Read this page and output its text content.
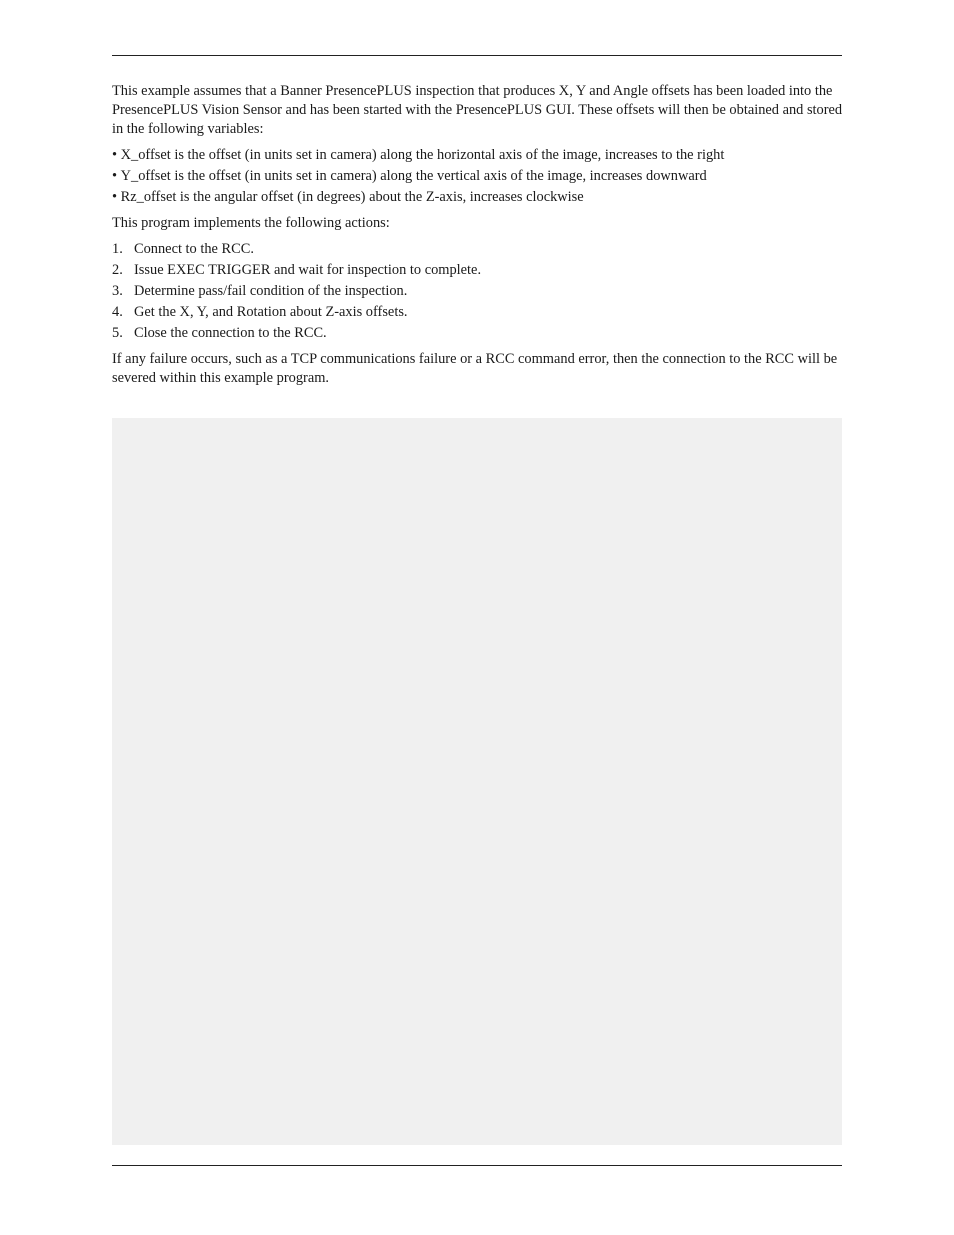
This example assumes that a Banner PresencePLUS inspection that produces X, Y and Angle offsets has been loaded into the PresencePLUS Vision Sensor and has been started with the PresencePLUS GUI. These offsets will then be obtained and stored in the following variables:

• X_offset is the offset (in units set in camera) along the horizontal axis of the image, increases to the right
• Y_offset is the offset (in units set in camera) along the vertical axis of the image, increases downward
• Rz_offset is the angular offset (in degrees) about the Z-axis, increases clockwise

This program implements the following actions:

1. Connect to the RCC.
2. Issue EXEC TRIGGER and wait for inspection to complete.
3. Determine pass/fail condition of the inspection.
4. Get the X, Y, and Rotation about Z-axis offsets.
5. Close the connection to the RCC.

If any failure occurs, such as a TCP communications failure or a RCC command error, then the connection to the RCC will be severed within this example program.
